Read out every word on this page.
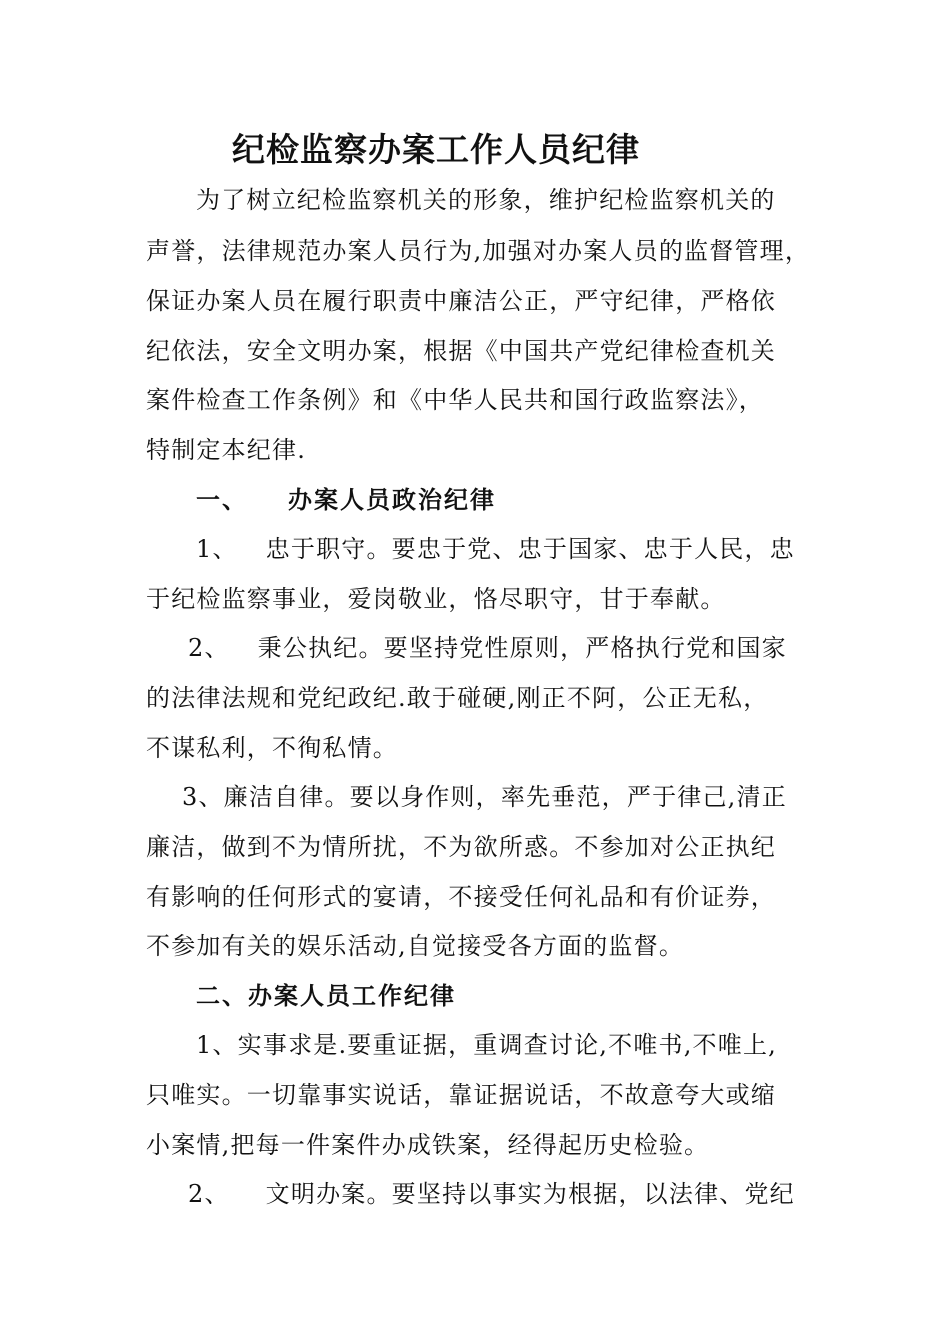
纪检监察办案工作人员纪律
为了树立纪检监察机关的形象，维护纪检监察机关的
声誉，法律规范办案人员行为,加强对办案人员的监督管理，
保证办案人员在履行职责中廉洁公正，严守纪律，严格依
纪依法，安全文明办案，根据《中国共产党纪律检查机关
案件检查工作条例》和《中华人民共和国行政监察法》，
特制定本纪律.
一、 办案人员政治纪律
1、 忠于职守。要忠于党、忠于国家、忠于人民，忠
于纪检监察事业，爱岗敬业，恪尽职守，甘于奉献。
2、 秉公执纪。要坚持党性原则，严格执行党和国家
的法律法规和党纪政纪.敢于碰硬,刚正不阿，公正无私，
不谋私利，不徇私情。
3、廉洁自律。要以身作则，率先垂范，严于律己,清正
廉洁，做到不为情所扰，不为欲所惑。不参加对公正执纪
有影响的任何形式的宴请，不接受任何礼品和有价证券，
不参加有关的娱乐活动,自觉接受各方面的监督。
二、办案人员工作纪律
1、实事求是.要重证据，重调查讨论,不唯书,不唯上,
只唯实。一切靠事实说话，靠证据说话，不故意夸大或缩
小案情,把每一件案件办成铁案，经得起历史检验。
2、 文明办案。要坚持以事实为根据，以法律、党纪
